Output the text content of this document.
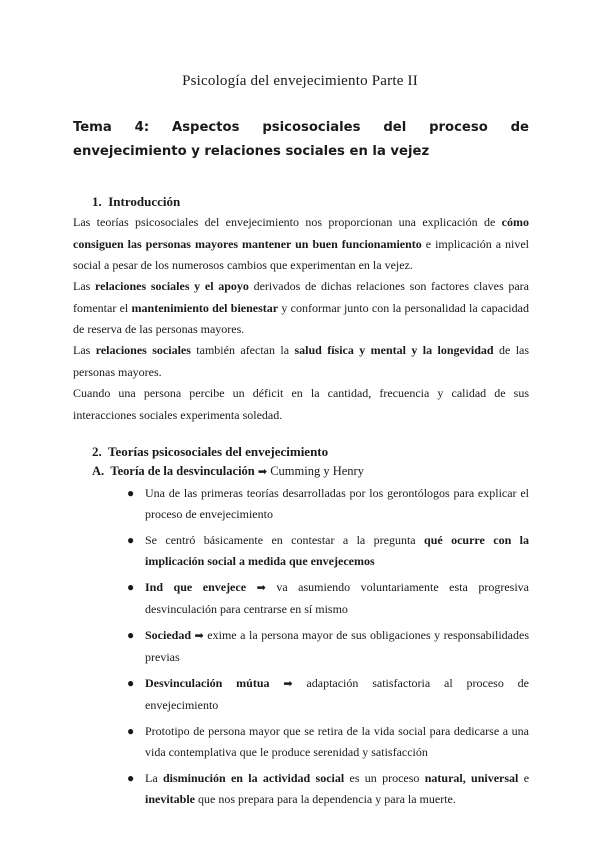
Psicología del envejecimiento Parte II
Tema 4: Aspectos psicosociales del proceso de envejecimiento y relaciones sociales en la vejez
1. Introducción
Las teorías psicosociales del envejecimiento nos proporcionan una explicación de cómo consiguen las personas mayores mantener un buen funcionamiento e implicación a nivel social a pesar de los numerosos cambios que experimentan en la vejez.
Las relaciones sociales y el apoyo derivados de dichas relaciones son factores claves para fomentar el mantenimiento del bienestar y conformar junto con la personalidad la capacidad de reserva de las personas mayores.
Las relaciones sociales también afectan la salud física y mental y la longevidad de las personas mayores.
Cuando una persona percibe un déficit en la cantidad, frecuencia y calidad de sus interacciones sociales experimenta soledad.
2. Teorías psicosociales del envejecimiento
A. Teoría de la desvinculación ➡ Cumming y Henry
● Una de las primeras teorías desarrolladas por los gerontólogos para explicar el proceso de envejecimiento
● Se centró básicamente en contestar a la pregunta qué ocurre con la implicación social a medida que envejecemos
● Ind que envejece ➡ va asumiendo voluntariamente esta progresiva desvinculación para centrarse en sí mismo
● Sociedad ➡ exime a la persona mayor de sus obligaciones y responsabilidades previas
● Desvinculación mútua ➡ adaptación satisfactoria al proceso de envejecimiento
● Prototipo de persona mayor que se retira de la vida social para dedicarse a una vida contemplativa que le produce serenidad y satisfacción
● La disminución en la actividad social es un proceso natural, universal e inevitable que nos prepara para la dependencia y para la muerte.
